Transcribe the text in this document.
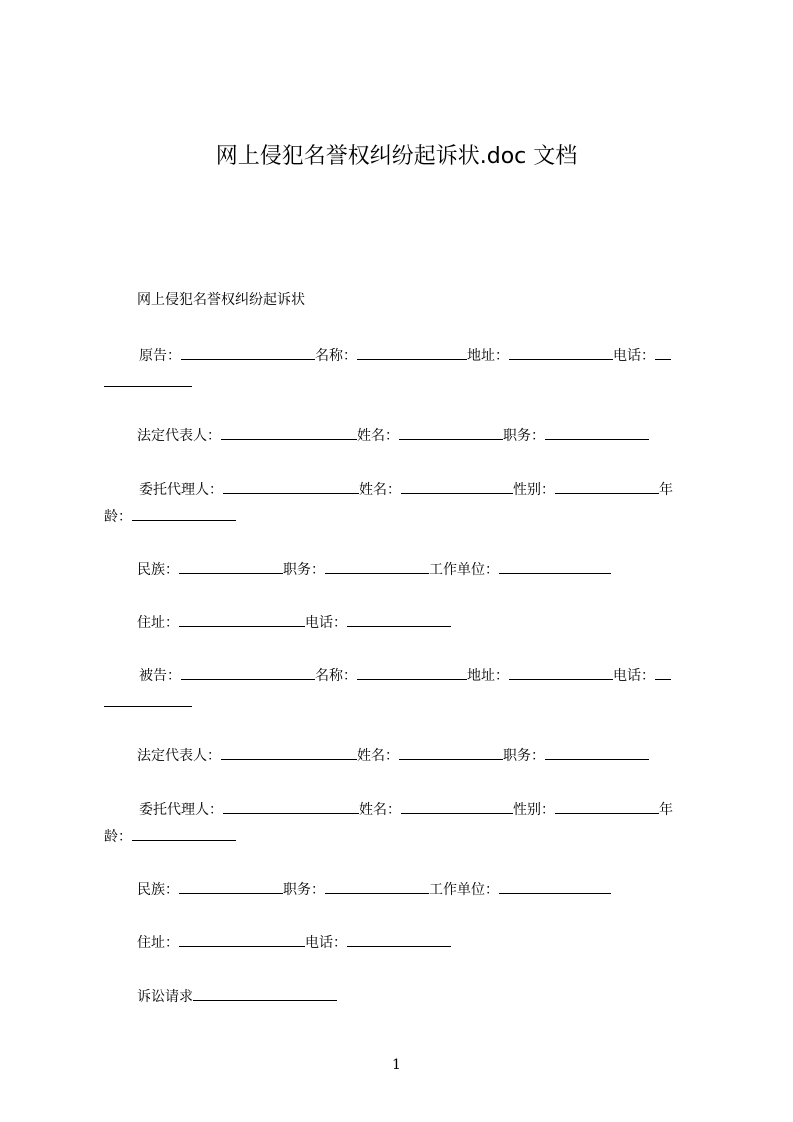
网上侵犯名誉权纠纷起诉状.doc 文档
网上侵犯名誉权纠纷起诉状
原告：	名称：	地址：	电话：
法定代表人：	姓名：	职务：
委托代理人：	姓名：	性别：	年
龄：
民族：	职务：	工作单位：
住址：	电话：
被告：	名称：	地址：	电话：
法定代表人：	姓名：	职务：
委托代理人：	姓名：	性别：	年
龄：
民族：	职务：	工作单位：
住址：	电话：
诉讼请求
1
